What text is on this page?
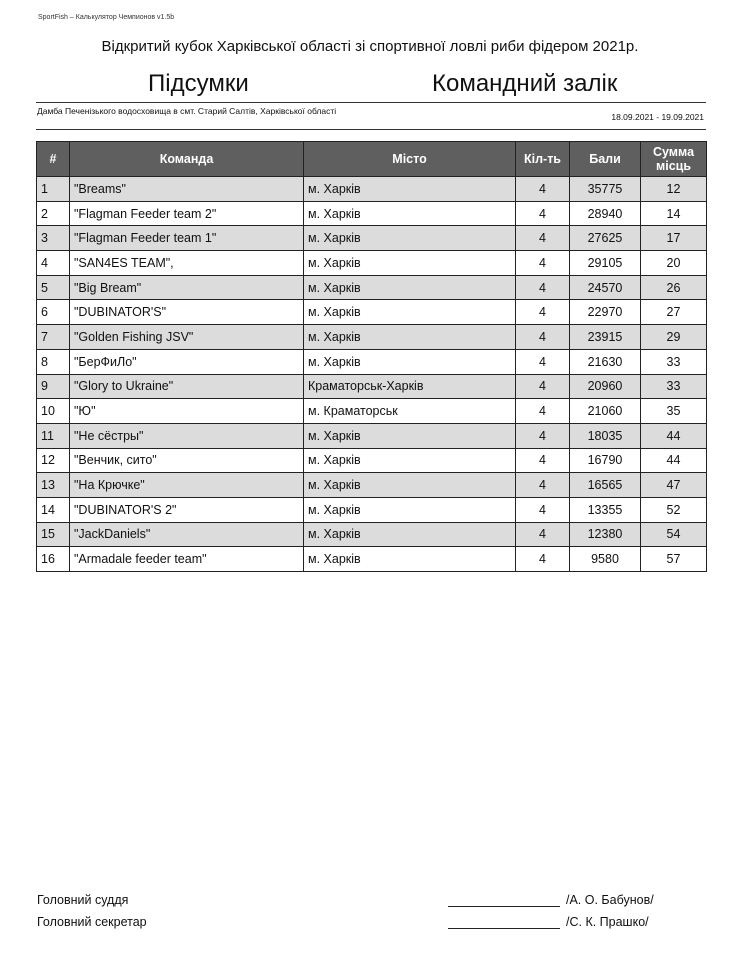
SportFish – Калькулятор Чемпионов v1.5b
Відкритий кубок Харківської області зі спортивної ловлі риби фідером 2021р.
Підсумки	Командний залік
Дамба Печенізького водосховища в смт. Старий Салтів, Харківської області
18.09.2021 - 19.09.2021
#	Команда	Місто	Кіл-ть	Бали	Сумма місць
1	"Breams"	м. Харків	4	35775	12
2	"Flagman Feeder team 2"	м. Харків	4	28940	14
3	"Flagman Feeder team 1"	м. Харків	4	27625	17
4	"SAN4ES TEAM",	м. Харків	4	29105	20
5	"Big Bream"	м. Харків	4	24570	26
6	"DUBINATOR'S"	м. Харків	4	22970	27
7	"Golden Fishing JSV"	м. Харків	4	23915	29
8	"БерФиЛо"	м. Харків	4	21630	33
9	"Glory to Ukraine"	Краматорськ-Харків	4	20960	33
10	"Ю"	м. Краматорськ	4	21060	35
11	"Не сёстры"	м. Харків	4	18035	44
12	"Венчик, сито"	м. Харків	4	16790	44
13	"На Крючке"	м. Харків	4	16565	47
14	"DUBINATOR'S 2"	м. Харків	4	13355	52
15	"JackDaniels"	м. Харків	4	12380	54
16	"Armadale feeder team"	м. Харків	4	9580	57
Головний суддя	/А. О. Бабунов/
Головний секретар	/С. К. Прашко/
